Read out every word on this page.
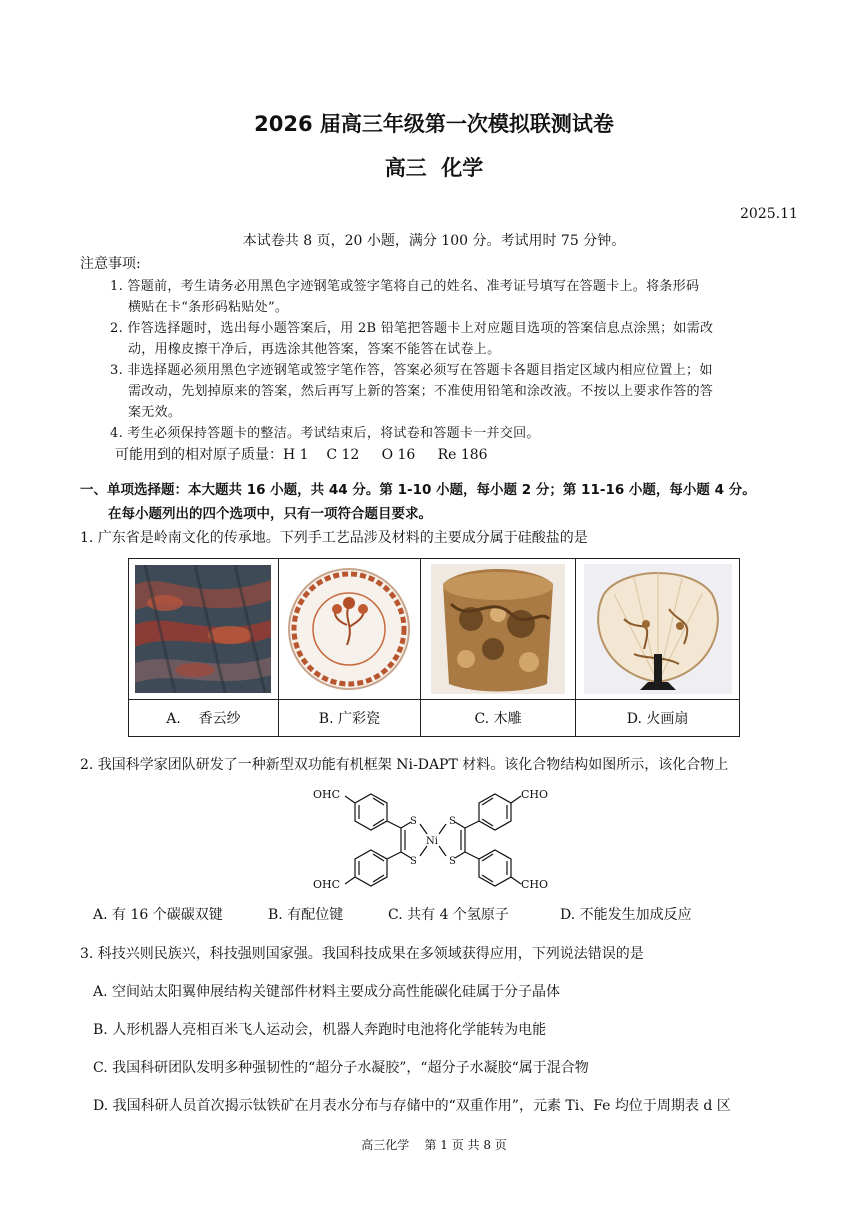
2026 届高三年级第一次模拟联测试卷
高三  化学
2025.11
本试卷共 8 页，20 小题，满分 100 分。考试用时 75 分钟。
注意事项:
1. 答题前，考生请务必用黑色字迹钢笔或签字笔将自己的姓名、准考证号填写在答题卡上。将条形码
横贴在卡“条形码粘贴处”。
2. 作答选择题时，选出每小题答案后，用 2B 铅笔把答题卡上对应题目选项的答案信息点涂黑；如需改
动，用橡皮擦干净后，再选涂其他答案，答案不能答在试卷上。
3. 非选择题必须用黑色字迹钢笔或签字笔作答，答案必须写在答题卡各题目指定区域内相应位置上；如
需改动，先划掉原来的答案，然后再写上新的答案；不准使用铅笔和涂改液。不按以上要求作答的答
案无效。
4. 考生必须保持答题卡的整洁。考试结束后，将试卷和答题卡一并交回。
可能用到的相对原子质量：H 1    C 12     O 16     Re 186
一、单项选择题：本大题共 16 小题，共 44 分。第 1-10 小题，每小题 2 分；第 11-16 小题，每小题 4 分。
在每小题列出的四个选项中，只有一项符合题目要求。
1. 广东省是岭南文化的传承地。下列手工艺品涉及材料的主要成分属于硅酸盐的是

A.    香云纱	B. 广彩瓷	C. 木雕	D. 火画扇
2. 我国科学家团队研发了一种新型双功能有机框架 Ni-DAPT 材料。该化合物结构如图所示，该化合物上
OHC	CHO
OHC	CHO
S
S
S
S
Ni
A. 有 16 个碳碳双键	B. 有配位键	C. 共有 4 个氢原子	D. 不能发生加成反应
3. 科技兴则民族兴，科技强则国家强。我国科技成果在多领域获得应用，下列说法错误的是
A. 空间站太阳翼伸展结构关键部件材料主要成分高性能碳化硅属于分子晶体
B. 人形机器人亮相百米飞人运动会，机器人奔跑时电池将化学能转为电能
C. 我国科研团队发明多种强韧性的“超分子水凝胶”，“超分子水凝胶“属于混合物
D. 我国科研人员首次揭示钛铁矿在月表水分布与存储中的“双重作用”，元素 Ti、Fe 均位于周期表 d 区
高三化学    第 1 页 共 8 页
